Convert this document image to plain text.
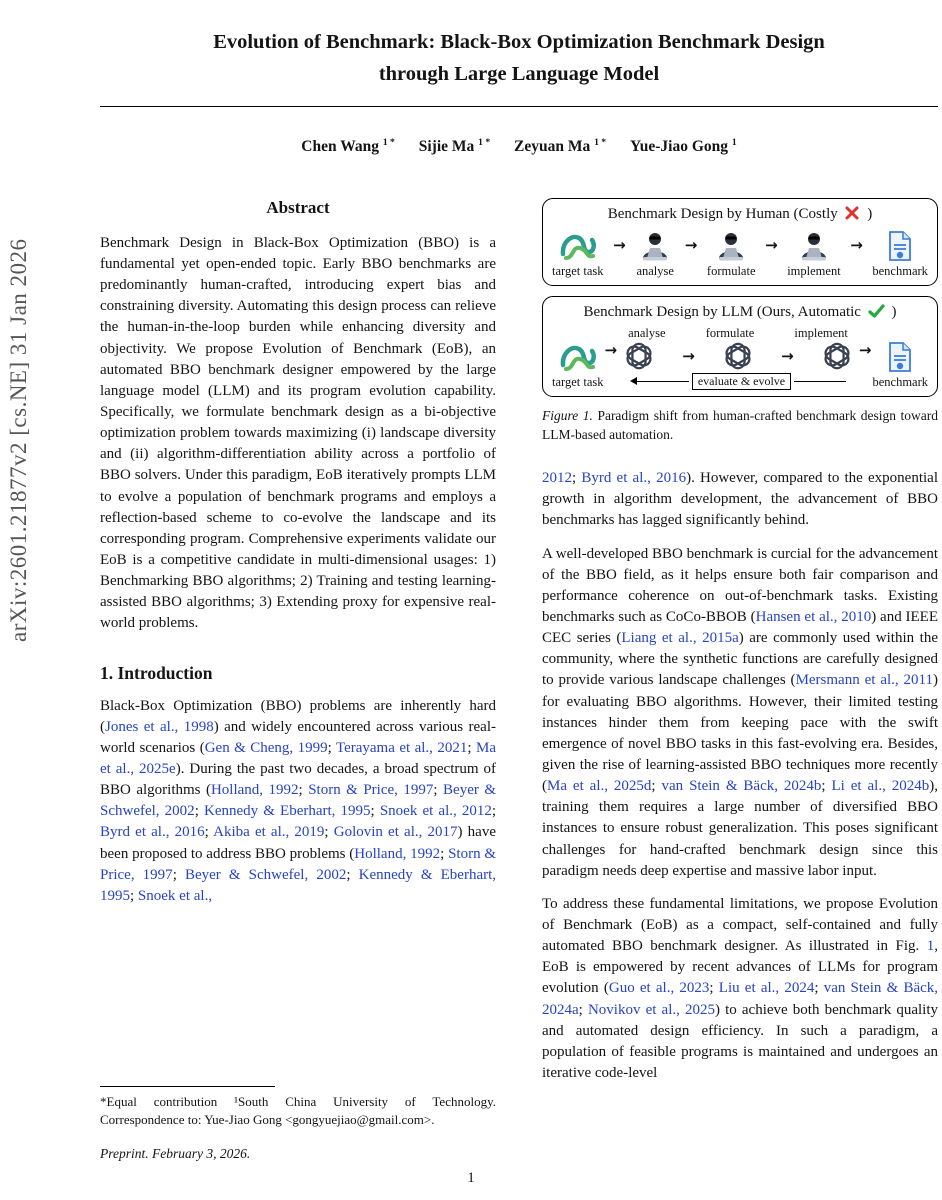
arXiv:2601.21877v2 [cs.NE] 31 Jan 2026
Evolution of Benchmark: Black-Box Optimization Benchmark Design
through Large Language Model
Chen Wang $^{1 *}$ Sijie Ma $^{1 *}$ Zeyuan Ma $^{1 *}$ Yue-Jiao Gong $^1$
Abstract

Benchmark Design in Black-Box Optimization (BBO) is a fundamental yet open-ended topic. Early BBO benchmarks are predominantly human-crafted, introducing expert bias and constraining diversity. Automating this design process can relieve the human-in-the-loop burden while enhancing diversity and objectivity. We propose Evolution of Benchmark (EoB), an automated BBO benchmark designer empowered by the large language model (LLM) and its program evolution capability. Specifically, we formulate benchmark design as a bi-objective optimization problem towards maximizing (i) landscape diversity and (ii) algorithm-differentiation ability across a portfolio of BBO solvers. Under this paradigm, EoB iteratively prompts LLM to evolve a population of benchmark programs and employs a reflection-based scheme to co-evolve the landscape and its corresponding program. Comprehensive experiments validate our EoB is a competitive candidate in multi-dimensional usages: 1) Benchmarking BBO algorithms; 2) Training and testing learning-assisted BBO algorithms; 3) Extending proxy for expensive real-world problems.

1. Introduction

Black-Box Optimization (BBO) problems are inherently hard (Jones et al., 1998) and widely encountered across various real-world scenarios (Gen & Cheng, 1999; Terayama et al., 2021; Ma et al., 2025e). During the past two decades, a broad spectrum of BBO algorithms (Holland, 1992; Storn & Price, 1997; Beyer & Schwefel, 2002; Kennedy & Eberhart, 1995; Snoek et al., 2012; Byrd et al., 2016; Akiba et al., 2019; Golovin et al., 2017) have been proposed to address BBO problems (Holland, 1992; Storn & Price, 1997; Beyer & Schwefel, 2002; Kennedy & Eberhart, 1995; Snoek et al.,

*Equal contribution ¹South China University of Technology. Correspondence to: Yue-Jiao Gong <gongyuejiao@gmail.com>.

Preprint. February 3, 2026.

Benchmark Design by Human (Costly )
target task
→
analyse
→
formulate
→
implement
→
benchmark
Benchmark Design by LLM (Ours, Automatic )
target task
→
analyse	formulate	implement
→	→
evaluate & evolve
→
benchmark
Figure 1. Paradigm shift from human-crafted benchmark design toward LLM-based automation.

2012; Byrd et al., 2016). However, compared to the exponential growth in algorithm development, the advancement of BBO benchmarks has lagged significantly behind.

A well-developed BBO benchmark is curcial for the advancement of the BBO field, as it helps ensure both fair comparison and performance coherence on out-of-benchmark tasks. Existing benchmarks such as CoCo-BBOB (Hansen et al., 2010) and IEEE CEC series (Liang et al., 2015a) are commonly used within the community, where the synthetic functions are carefully designed to provide various landscape challenges (Mersmann et al., 2011) for evaluating BBO algorithms. However, their limited testing instances hinder them from keeping pace with the swift emergence of novel BBO tasks in this fast-evolving era. Besides, given the rise of learning-assisted BBO techniques more recently (Ma et al., 2025d; van Stein & Bäck, 2024b; Li et al., 2024b), training them requires a large number of diversified BBO instances to ensure robust generalization. This poses significant challenges for hand-crafted benchmark design since this paradigm needs deep expertise and massive labor input.

To address these fundamental limitations, we propose Evolution of Benchmark (EoB) as a compact, self-contained and fully automated BBO benchmark designer. As illustrated in Fig. 1, EoB is empowered by recent advances of LLMs for program evolution (Guo et al., 2023; Liu et al., 2024; van Stein & Bäck, 2024a; Novikov et al., 2025) to achieve both benchmark quality and automated design efficiency. In such a paradigm, a population of feasible programs is maintained and undergoes an iterative code-level

1
